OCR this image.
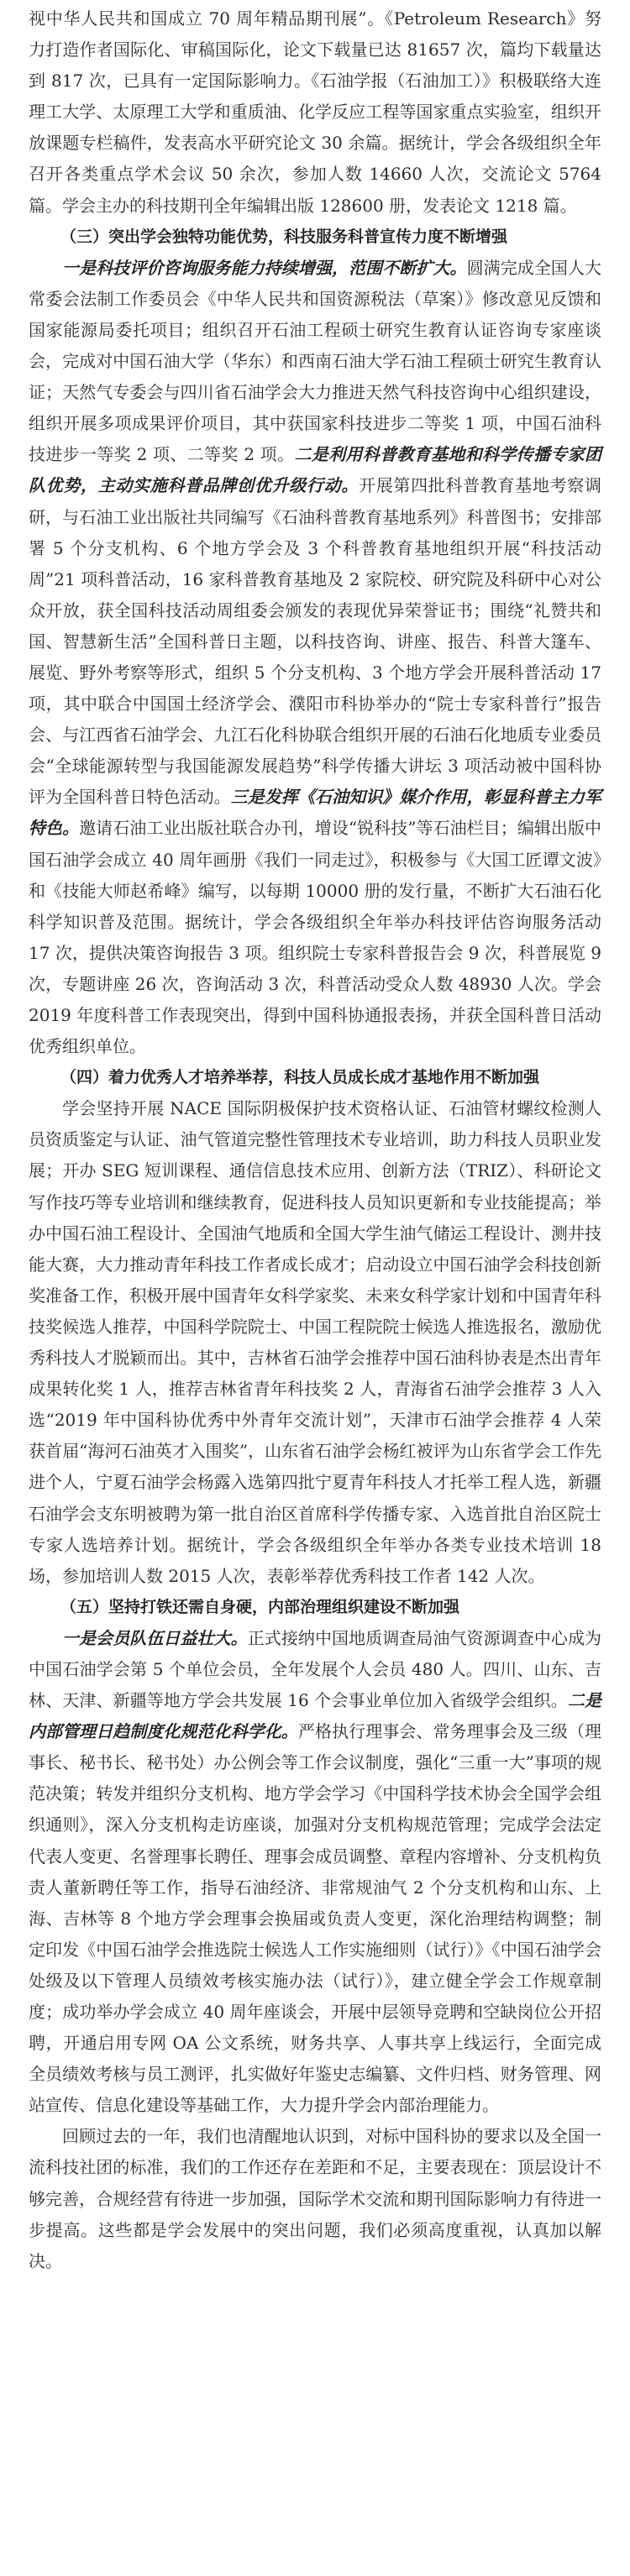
视中华人民共和国成立 70 周年精品期刊展”。《Petroleum Research》努力打造作者国际化、审稿国际化，论文下载量已达 81657 次，篇均下载量达到 817 次，已具有一定国际影响力。《石油学报（石油加工）》积极联络大连理工大学、太原理工大学和重质油、化学反应工程等国家重点实验室，组织开放课题专栏稿件，发表高水平研究论文 30 余篇。据统计，学会各级组织全年召开各类重点学术会议 50 余次，参加人数 14660 人次，交流论文 5764 篇。学会主办的科技期刊全年编辑出版 128600 册，发表论文 1218 篇。

（三）突出学会独特功能优势，科技服务科普宣传力度不断增强

一是科技评价咨询服务能力持续增强，范围不断扩大。圆满完成全国人大常委会法制工作委员会《中华人民共和国资源税法（草案）》修改意见反馈和国家能源局委托项目；组织召开石油工程硕士研究生教育认证咨询专家座谈会，完成对中国石油大学（华东）和西南石油大学石油工程硕士研究生教育认证；天然气专委会与四川省石油学会大力推进天然气科技咨询中心组织建设，组织开展多项成果评价项目，其中获国家科技进步二等奖 1 项，中国石油科技进步一等奖 2 项、二等奖 2 项。二是利用科普教育基地和科学传播专家团队优势，主动实施科普品牌创优升级行动。开展第四批科普教育基地考察调研，与石油工业出版社共同编写《石油科普教育基地系列》科普图书；安排部署 5 个分支机构、6 个地方学会及 3 个科普教育基地组织开展“科技活动周”21 项科普活动，16 家科普教育基地及 2 家院校、研究院及科研中心对公众开放，获全国科技活动周组委会颁发的表现优异荣誉证书；围绕“礼赞共和国、智慧新生活”全国科普日主题，以科技咨询、讲座、报告、科普大篷车、展览、野外考察等形式，组织 5 个分支机构、3 个地方学会开展科普活动 17 项，其中联合中国国土经济学会、濮阳市科协举办的“院士专家科普行”报告会、与江西省石油学会、九江石化科协联合组织开展的石油石化地质专业委员会“全球能源转型与我国能源发展趋势”科学传播大讲坛 3 项活动被中国科协评为全国科普日特色活动。三是发挥《石油知识》媒介作用，彰显科普主力军特色。邀请石油工业出版社联合办刊，增设“锐科技”等石油栏目；编辑出版中国石油学会成立 40 周年画册《我们一同走过》，积极参与《大国工匠谭文波》和《技能大师赵希峰》编写，以每期 10000 册的发行量，不断扩大石油石化科学知识普及范围。据统计，学会各级组织全年举办科技评估咨询服务活动 17 次，提供决策咨询报告 3 项。组织院士专家科普报告会 9 次，科普展览 9 次，专题讲座 26 次，咨询活动 3 次，科普活动受众人数 48930 人次。学会 2019 年度科普工作表现突出，得到中国科协通报表扬，并获全国科普日活动优秀组织单位。

（四）着力优秀人才培养举荐，科技人员成长成才基地作用不断加强

学会坚持开展 NACE 国际阴极保护技术资格认证、石油管材螺纹检测人员资质鉴定与认证、油气管道完整性管理技术专业培训，助力科技人员职业发展；开办 SEG 短训课程、通信信息技术应用、创新方法（TRIZ）、科研论文写作技巧等专业培训和继续教育，促进科技人员知识更新和专业技能提高；举办中国石油工程设计、全国油气地质和全国大学生油气储运工程设计、测井技能大赛，大力推动青年科技工作者成长成才；启动设立中国石油学会科技创新奖准备工作，积极开展中国青年女科学家奖、未来女科学家计划和中国青年科技奖候选人推荐，中国科学院院士、中国工程院院士候选人推选报名，激励优秀科技人才脱颖而出。其中，吉林省石油学会推荐中国石油科协表是杰出青年成果转化奖 1 人，推荐吉林省青年科技奖 2 人，青海省石油学会推荐 3 人入选“2019 年中国科协优秀中外青年交流计划”，天津市石油学会推荐 4 人荣获首届“海河石油英才入围奖”，山东省石油学会杨红被评为山东省学会工作先进个人，宁夏石油学会杨露入选第四批宁夏青年科技人才托举工程人选，新疆石油学会支东明被聘为第一批自治区首席科学传播专家、入选首批自治区院士专家人选培养计划。据统计，学会各级组织全年举办各类专业技术培训 18 场，参加培训人数 2015 人次，表彰举荐优秀科技工作者 142 人次。

（五）坚持打铁还需自身硬，内部治理组织建设不断加强

一是会员队伍日益壮大。正式接纳中国地质调查局油气资源调查中心成为中国石油学会第 5 个单位会员，全年发展个人会员 480 人。四川、山东、吉林、天津、新疆等地方学会共发展 16 个会事业单位加入省级学会组织。二是内部管理日趋制度化规范化科学化。严格执行理事会、常务理事会及三级（理事长、秘书长、秘书处）办公例会等工作会议制度，强化“三重一大”事项的规范决策；转发并组织分支机构、地方学会学习《中国科学技术协会全国学会组织通则》，深入分支机构走访座谈，加强对分支机构规范管理；完成学会法定代表人变更、名誉理事长聘任、理事会成员调整、章程内容增补、分支机构负责人董新聘任等工作，指导石油经济、非常规油气 2 个分支机构和山东、上海、吉林等 8 个地方学会理事会换届或负责人变更，深化治理结构调整；制定印发《中国石油学会推选院士候选人工作实施细则（试行）》《中国石油学会处级及以下管理人员绩效考核实施办法（试行）》，建立健全学会工作规章制度；成功举办学会成立 40 周年座谈会，开展中层领导竞聘和空缺岗位公开招聘，开通启用专网 OA 公文系统，财务共享、人事共享上线运行，全面完成全员绩效考核与员工测评，扎实做好年鉴史志编纂、文件归档、财务管理、网站宣传、信息化建设等基础工作，大力提升学会内部治理能力。

回顾过去的一年，我们也清醒地认识到，对标中国科协的要求以及全国一流科技社团的标准，我们的工作还存在差距和不足，主要表现在：顶层设计不够完善，合规经营有待进一步加强，国际学术交流和期刊国际影响力有待进一步提高。这些都是学会发展中的突出问题，我们必须高度重视，认真加以解决。
